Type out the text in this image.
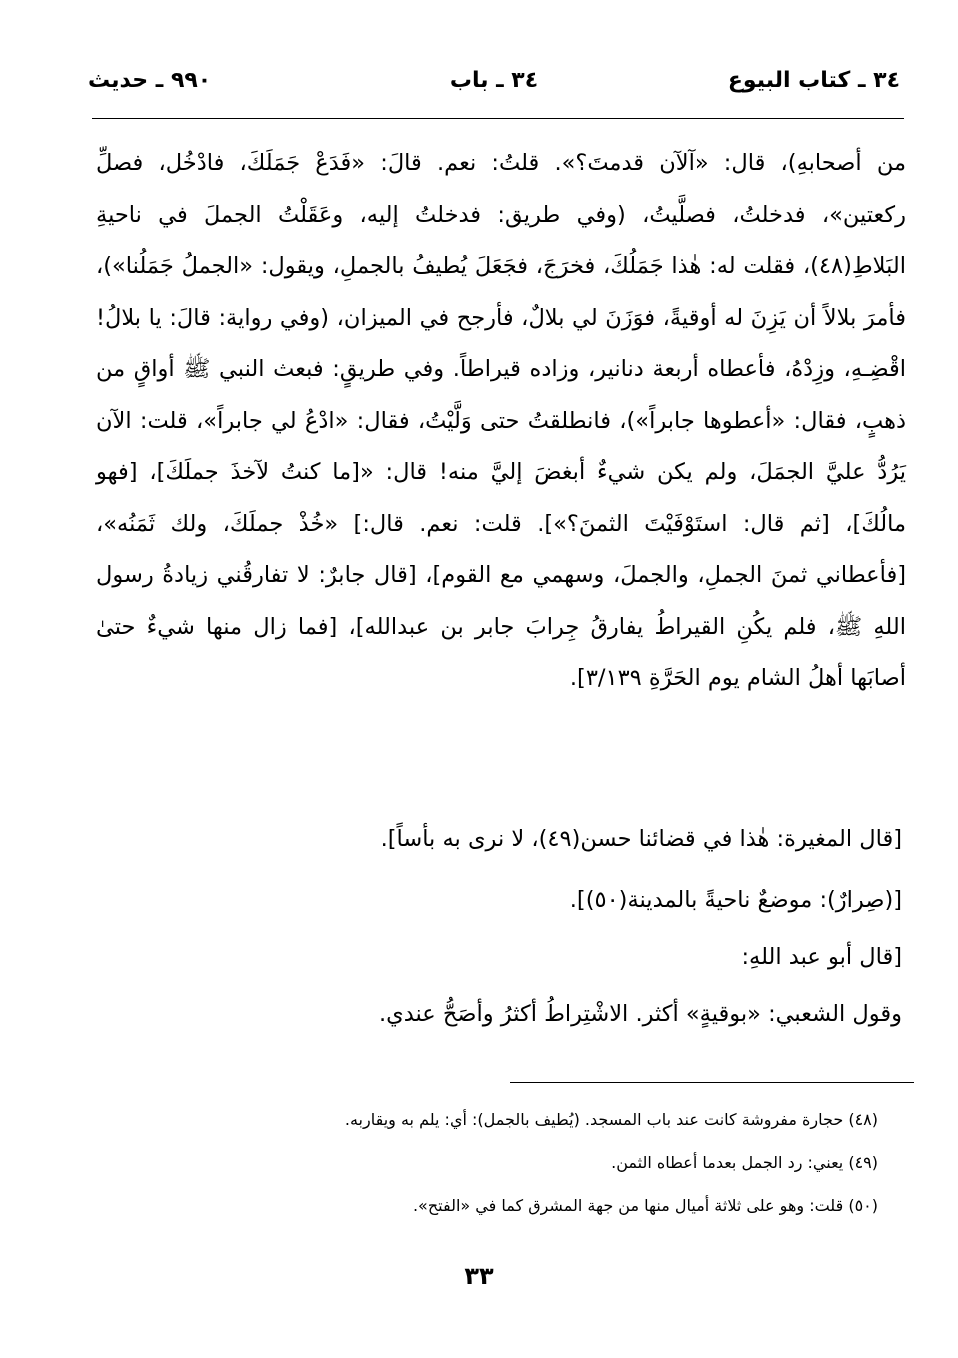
٣٤ ـ كتاب البيوع
٣٤ ـ باب
٩٩٠ ـ حديث

من أصحابهِ)، قال: «آلآن قدمتَ؟». قلتُ: نعم. قالَ: «فَدَعْ جَمَلَكَ، فادْخُل، فصلِّ ركعتين»، فدخلتُ، فصلَّيتُ، (وفي طريق: فدخلتُ إليه، وعَقَلْتُ الجملَ في ناحيةِ البَلاطِ(٤٨)، فقلت له: هٰذا جَمَلُكَ، فخرَجَ، فجَعَلَ يُطيفُ بالجملِ، ويقول: «الجملُ جَمَلُنا»)، فأمرَ بلالاً أن يَزِنَ له أوقيةً، فوَزَنَ لي بلالٌ، فأرجح في الميزان، (وفي رواية: قالَ: يا بلالُ! اقْضِـهِ، وزِدْهُ، فأعطاه أربعة دنانير، وزاده قيراطاً. وفي طريقٍ: فبعث النبي ﷺ أواقٍ من ذهبٍ، فقال: «أعطوها جابراً»)، فانطلقتُ حتى وَلَّيْتُ، فقال: «ادْعُ لي جابراً»، قلت: الآن يَرُدُّ عليَّ الجمَلَ، ولم يكن شيءٌ أبغضَ إليَّ منه! قال: «[ما كنتُ لآخذَ جملَكَ]، [فهو مالُكَ]، [ثم قال: استَوْفَيْتَ الثمنَ؟»]. قلت: نعم. قال:] «خُذْ جملَكَ، ولك ثَمَنُه»، [فأعطاني ثمنَ الجملِ، والجملَ، وسهمي مع القوم]، [قال جابرٌ: لا تفارقُني زيادةُ رسول اللهِ ﷺ، فلم يكُنِ القيراطُ يفارقُ جِرابَ جابر بن عبدالله]، [فما زال منها شيءٌ حتىٰ أصابَها أهلُ الشام يوم الحَرَّةِ ٣/١٣٩].

[قال المغيرة: هٰذا في قضائنا حسن(٤٩)، لا نرى به بأساً].
[(صِرارٌ): موضعٌ ناحيةً بالمدينة(٥٠)].
[قال أبو عبد اللهِ:
وقول الشعبي: «بوقيةٍ» أكثر. الاشْتِراطُ أكثرُ وأصَحُّ عندي.
(٤٨) حجارة مفروشة كانت عند باب المسجد. (يُطيف بالجمل): أي: يلم به ويقاربه.
(٤٩) يعني: رد الجمل بعدما أعطاه الثمن.
(٥٠) قلت: وهو على ثلاثة أميال منها من جهة المشرق كما في «الفتح».
٣٣
